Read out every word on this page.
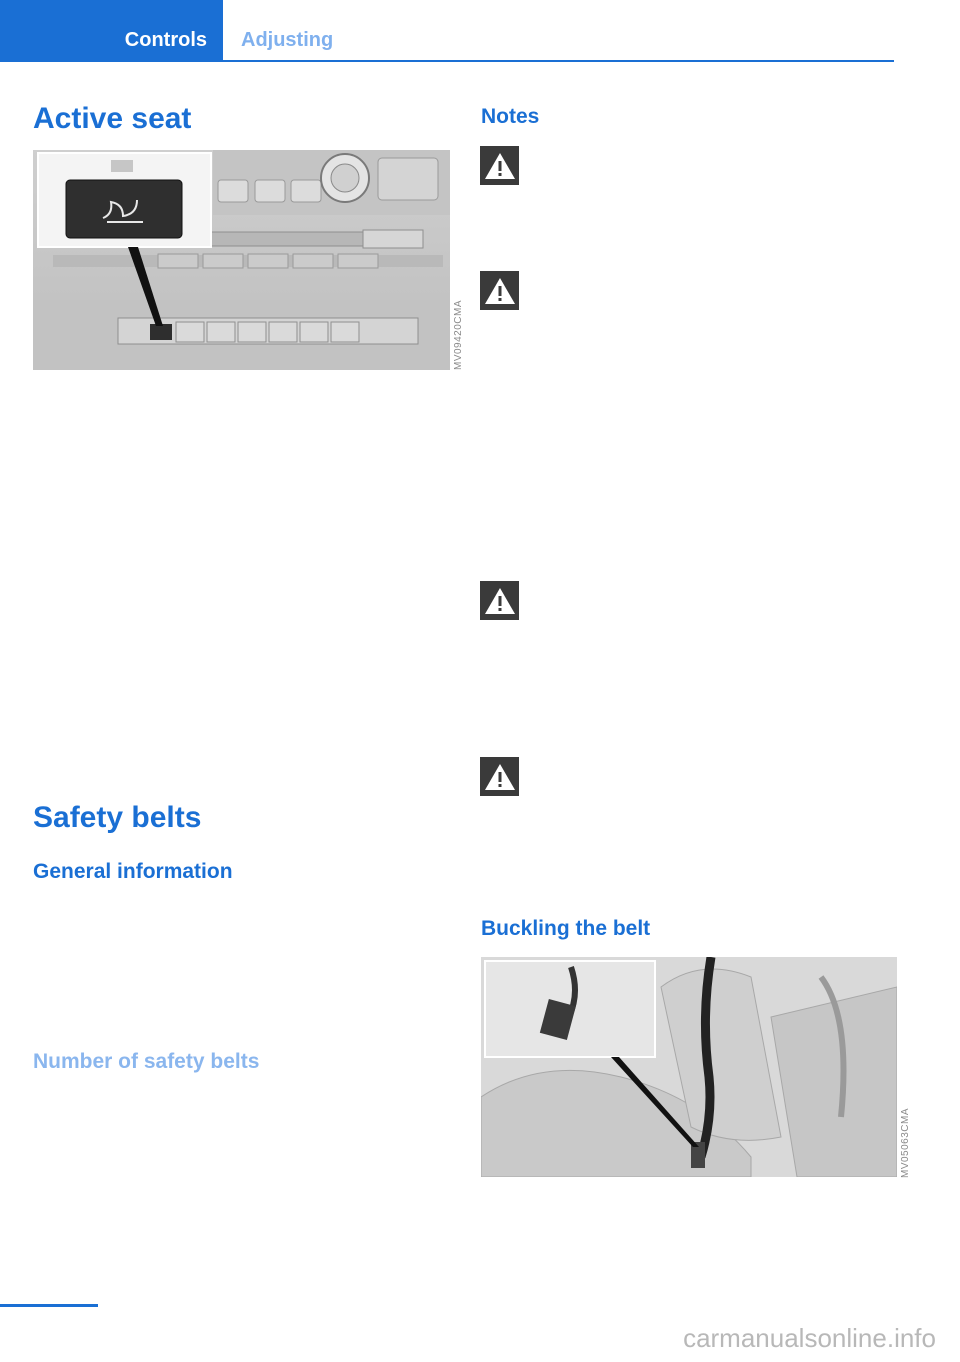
Controls Adjusting
Active seat
MV09420CMA
Safety belts
General information
Number of safety belts
Notes
Buckling the belt
MV05063CMA
carmanualsonline.info
